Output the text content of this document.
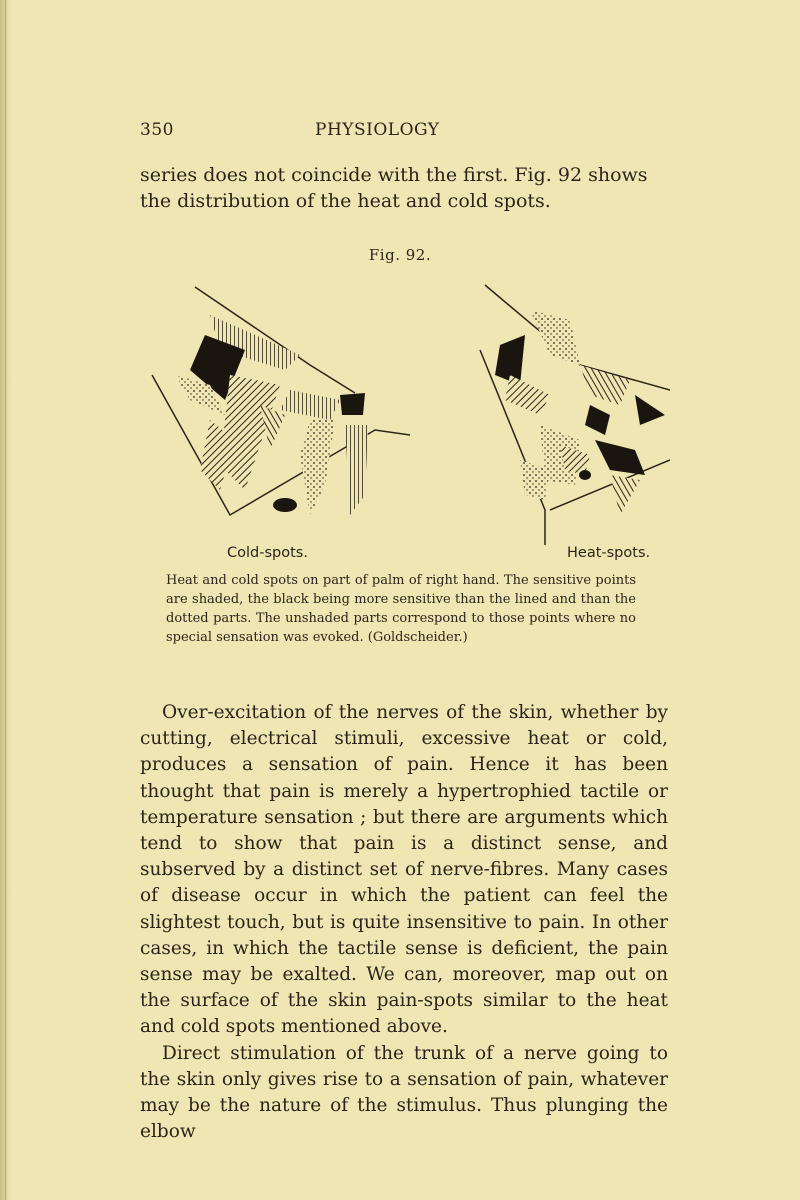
350	PHYSIOLOGY
series does not coincide with the first. Fig. 92 shows the distribution of the heat and cold spots.
Fig. 92.
Cold-spots.	Heat-spots.
Heat and cold spots on part of palm of right hand. The sensitive points are shaded, the black being more sensitive than the lined and than the dotted parts. The unshaded parts correspond to those points where no special sensation was evoked. (Goldscheider.)

Over-excitation of the nerves of the skin, whether by cutting, electrical stimuli, excessive heat or cold, produces a sensation of pain. Hence it has been thought that pain is merely a hypertrophied tactile or temperature sensation ; but there are arguments which tend to show that pain is a distinct sense, and subserved by a distinct set of nerve-fibres. Many cases of disease occur in which the patient can feel the slightest touch, but is quite insensitive to pain. In other cases, in which the tactile sense is deficient, the pain sense may be exalted. We can, moreover, map out on the surface of the skin pain-spots similar to the heat and cold spots mentioned above.

Direct stimulation of the trunk of a nerve going to the skin only gives rise to a sensation of pain, whatever may be the nature of the stimulus. Thus plunging the elbow
